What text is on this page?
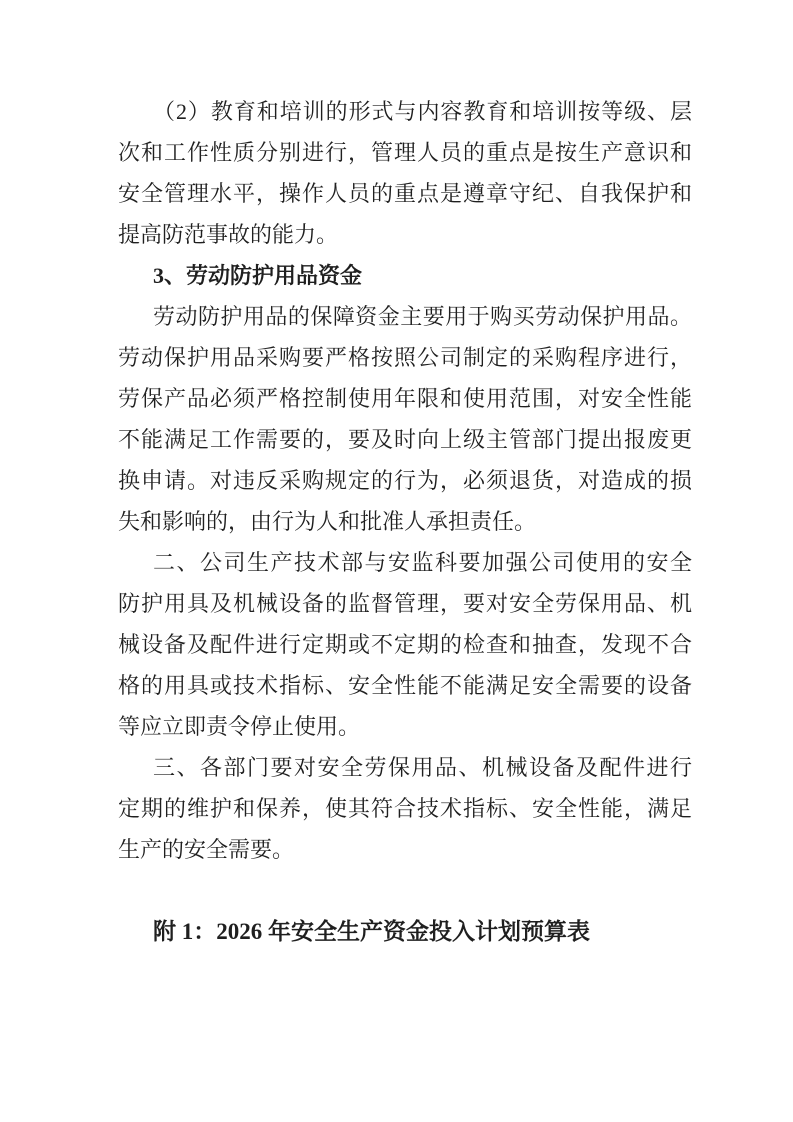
（2）教育和培训的形式与内容教育和培训按等级、层
次和工作性质分别进行，管理人员的重点是按生产意识和
安全管理水平，操作人员的重点是遵章守纪、自我保护和
提高防范事故的能力。
3、劳动防护用品资金
劳动防护用品的保障资金主要用于购买劳动保护用品。
劳动保护用品采购要严格按照公司制定的采购程序进行，
劳保产品必须严格控制使用年限和使用范围，对安全性能
不能满足工作需要的，要及时向上级主管部门提出报废更
换申请。对违反采购规定的行为，必须退货，对造成的损
失和影响的，由行为人和批准人承担责任。
二、公司生产技术部与安监科要加强公司使用的安全
防护用具及机械设备的监督管理，要对安全劳保用品、机
械设备及配件进行定期或不定期的检查和抽查，发现不合
格的用具或技术指标、安全性能不能满足安全需要的设备
等应立即责令停止使用。
三、各部门要对安全劳保用品、机械设备及配件进行
定期的维护和保养，使其符合技术指标、安全性能，满足
生产的安全需要。
附 1：2026 年安全生产资金投入计划预算表
